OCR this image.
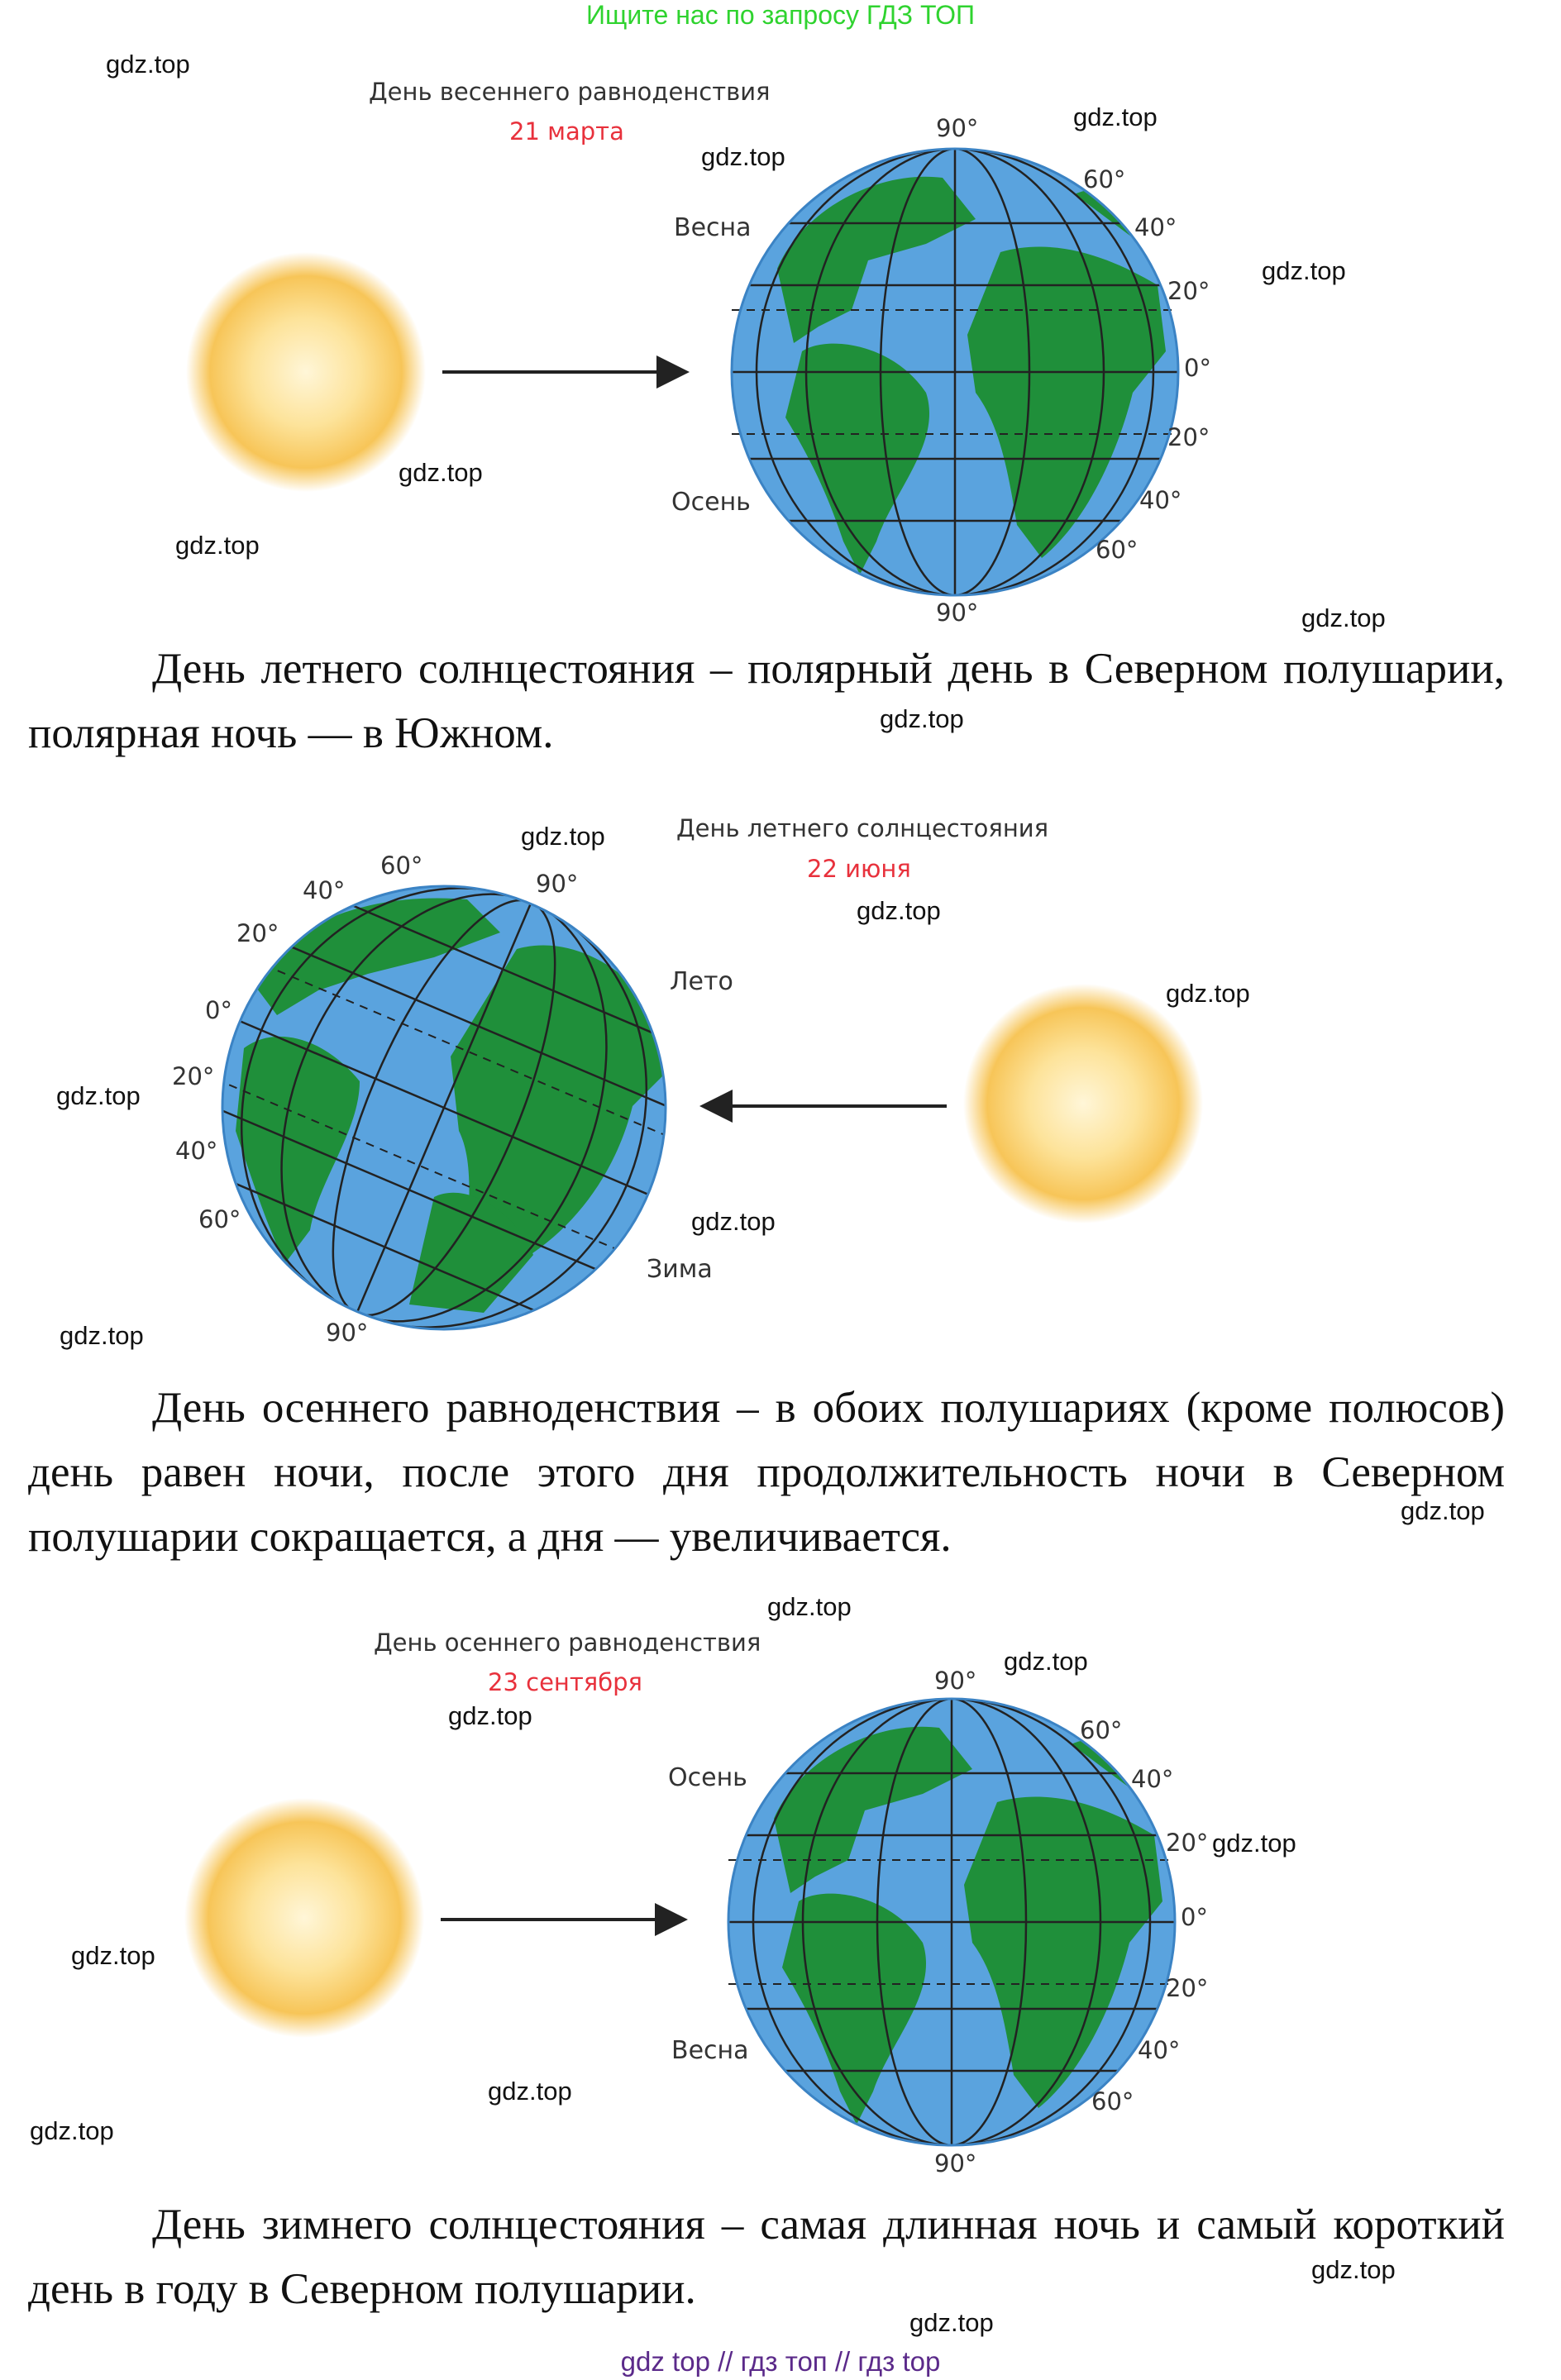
Ищите нас по запросу ГДЗ ТОП
День весеннего равноденствия
21 марта
Весна
Осень
90°
60°
40°
20°
0°
20°
40°
60°
90°
День летнего солнцестояния – полярный день в Северном полушарии, полярная ночь — в Южном.
День летнего солнцестояния
22 июня
Лето
Зима
60°
90°
40°
20°
0°
20°
40°
60°
90°
День осеннего равноденствия – в обоих полушариях (кроме полюсов) день равен ночи, после этого дня продолжительность ночи в Северном полушарии сокращается, а дня — увеличивается.
День осеннего равноденствия
23 сентября
Осень
Весна
90°
60°
40°
20°
0°
20°
40°
60°
90°
День зимнего солнцестояния – самая длинная ночь и самый короткий день в году в Северном полушарии.
gdz.top
gdz.top
gdz.top
gdz.top
gdz.top
gdz.top
gdz.top
gdz.top
gdz.top
gdz.top
gdz.top
gdz.top
gdz.top
gdz.top
gdz.top
gdz.top
gdz.top
gdz.top
gdz.top
gdz.top
gdz.top
gdz.top
gdz.top
gdz.top
gdz top // гдз топ // гдз top
